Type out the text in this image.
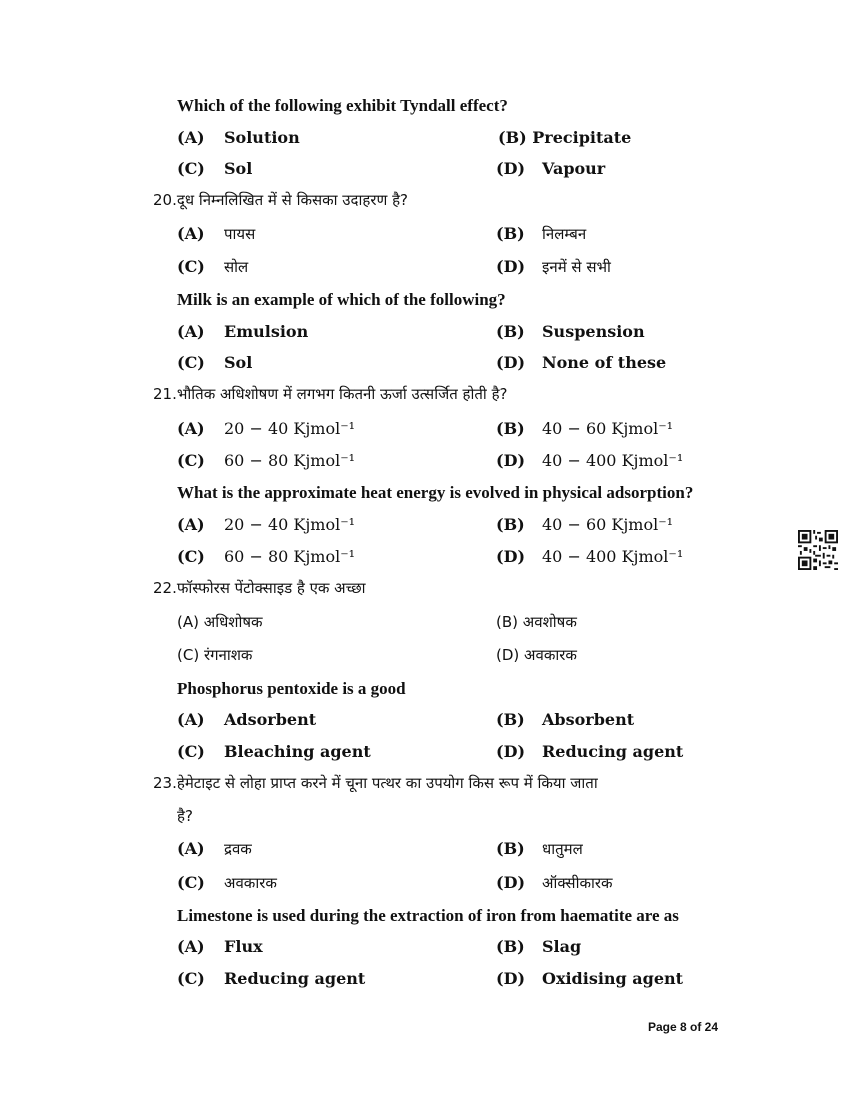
Which of the following exhibit Tyndall effect?
(A) Solution	(B) Precipitate
(C) Sol	(D) Vapour
20.दूध निम्नलिखित में से किसका उदाहरण है?
(A) पायस	(B) निलम्बन
(C) सोल	(D) इनमें से सभी
Milk is an example of which of the following?
(A) Emulsion	(B) Suspension
(C) Sol	(D) None of these
21.भौतिक अधिशोषण में लगभग कितनी ऊर्जा उत्सर्जित होती है?
(A) 20 − 40 Kjmol⁻¹	(B) 40 − 60 Kjmol⁻¹
(C) 60 − 80 Kjmol⁻¹	(D) 40 − 400 Kjmol⁻¹
What is the approximate heat energy is evolved in physical adsorption?
(A) 20 − 40 Kjmol⁻¹	(B) 40 − 60 Kjmol⁻¹
(C) 60 − 80 Kjmol⁻¹	(D) 40 − 400 Kjmol⁻¹
22.फॉस्फोरस पेंटोक्साइड है एक अच्छा
(A) अधिशोषक	(B) अवशोषक
(C) रंगनाशक	(D) अवकारक
Phosphorus pentoxide is a good
(A) Adsorbent	(B) Absorbent
(C) Bleaching agent	(D) Reducing agent
23.हेमेटाइट से लोहा प्राप्त करने में चूना पत्थर का उपयोग किस रूप में किया जाता
है?
(A) द्रवक	(B) धातुमल
(C) अवकारक	(D) ऑक्सीकारक
Limestone is used during the extraction of iron from haematite are as
(A) Flux	(B) Slag
(C) Reducing agent	(D) Oxidising agent
Page 8 of 24
